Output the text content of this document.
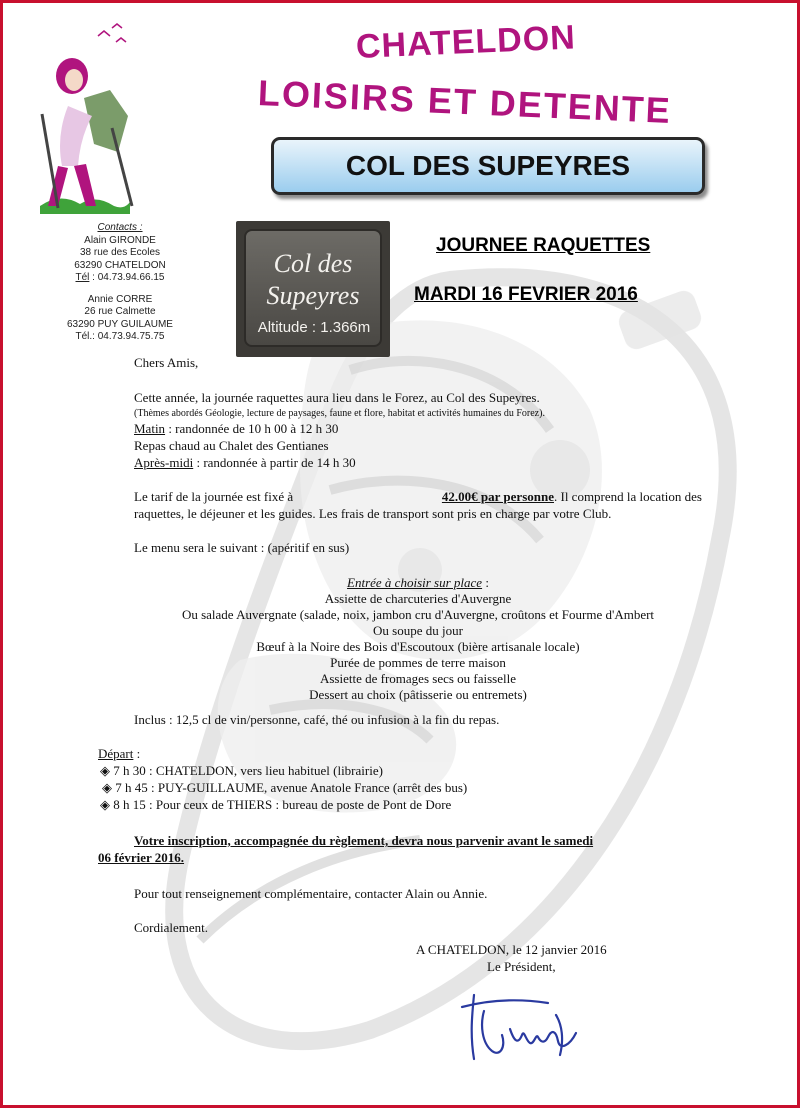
CHATELDON
LOISIRS ET DETENTE
COL DES SUPEYRES
Contacts :
Alain GIRONDE
38 rue des Ecoles
63290 CHATELDON
Tél : 04.73.94.66.15
Annie CORRE
26 rue Calmette
63290 PUY GUILAUME
Tél.: 04.73.94.75.75
Col des
Supeyres
Altitude : 1.366m
JOURNEE RAQUETTES
MARDI 16 FEVRIER 2016
Chers Amis,
Cette année, la journée raquettes aura lieu dans le Forez, au Col des Supeyres.
(Thèmes abordés Géologie, lecture de paysages, faune et flore, habitat et activités humaines du Forez).
Matin : randonnée de 10 h 00 à 12 h 30
Repas chaud au Chalet des Gentianes
Après-midi : randonnée à partir de 14 h 30
Le tarif de la journée est fixé à	42.00€ par personne. Il comprend la location des
raquettes, le déjeuner et les guides. Les frais de transport sont pris en charge par votre Club.
Le menu sera le suivant : (apéritif en sus)
Entrée à choisir sur place :
Assiette de charcuteries d'Auvergne
Ou salade Auvergnate (salade, noix, jambon cru d'Auvergne, croûtons et Fourme d'Ambert
Ou soupe du jour
Bœuf à la Noire des Bois d'Escoutoux (bière artisanale locale)
Purée de pommes de terre maison
Assiette de fromages secs ou faisselle
Dessert au choix (pâtisserie ou entremets)
Inclus : 12,5 cl de vin/personne, café, thé ou infusion à la fin du repas.
Départ :
◈ 7 h 30 : CHATELDON, vers lieu habituel (librairie)
◈ 7 h 45 : PUY-GUILLAUME, avenue Anatole France (arrêt des bus)
◈ 8 h 15 : Pour ceux de THIERS : bureau de poste de Pont de Dore
Votre inscription, accompagnée du règlement, devra nous parvenir avant le samedi
06 février 2016.
Pour tout renseignement complémentaire, contacter Alain ou Annie.
Cordialement.
A CHATELDON, le 12 janvier 2016
Le Président,
